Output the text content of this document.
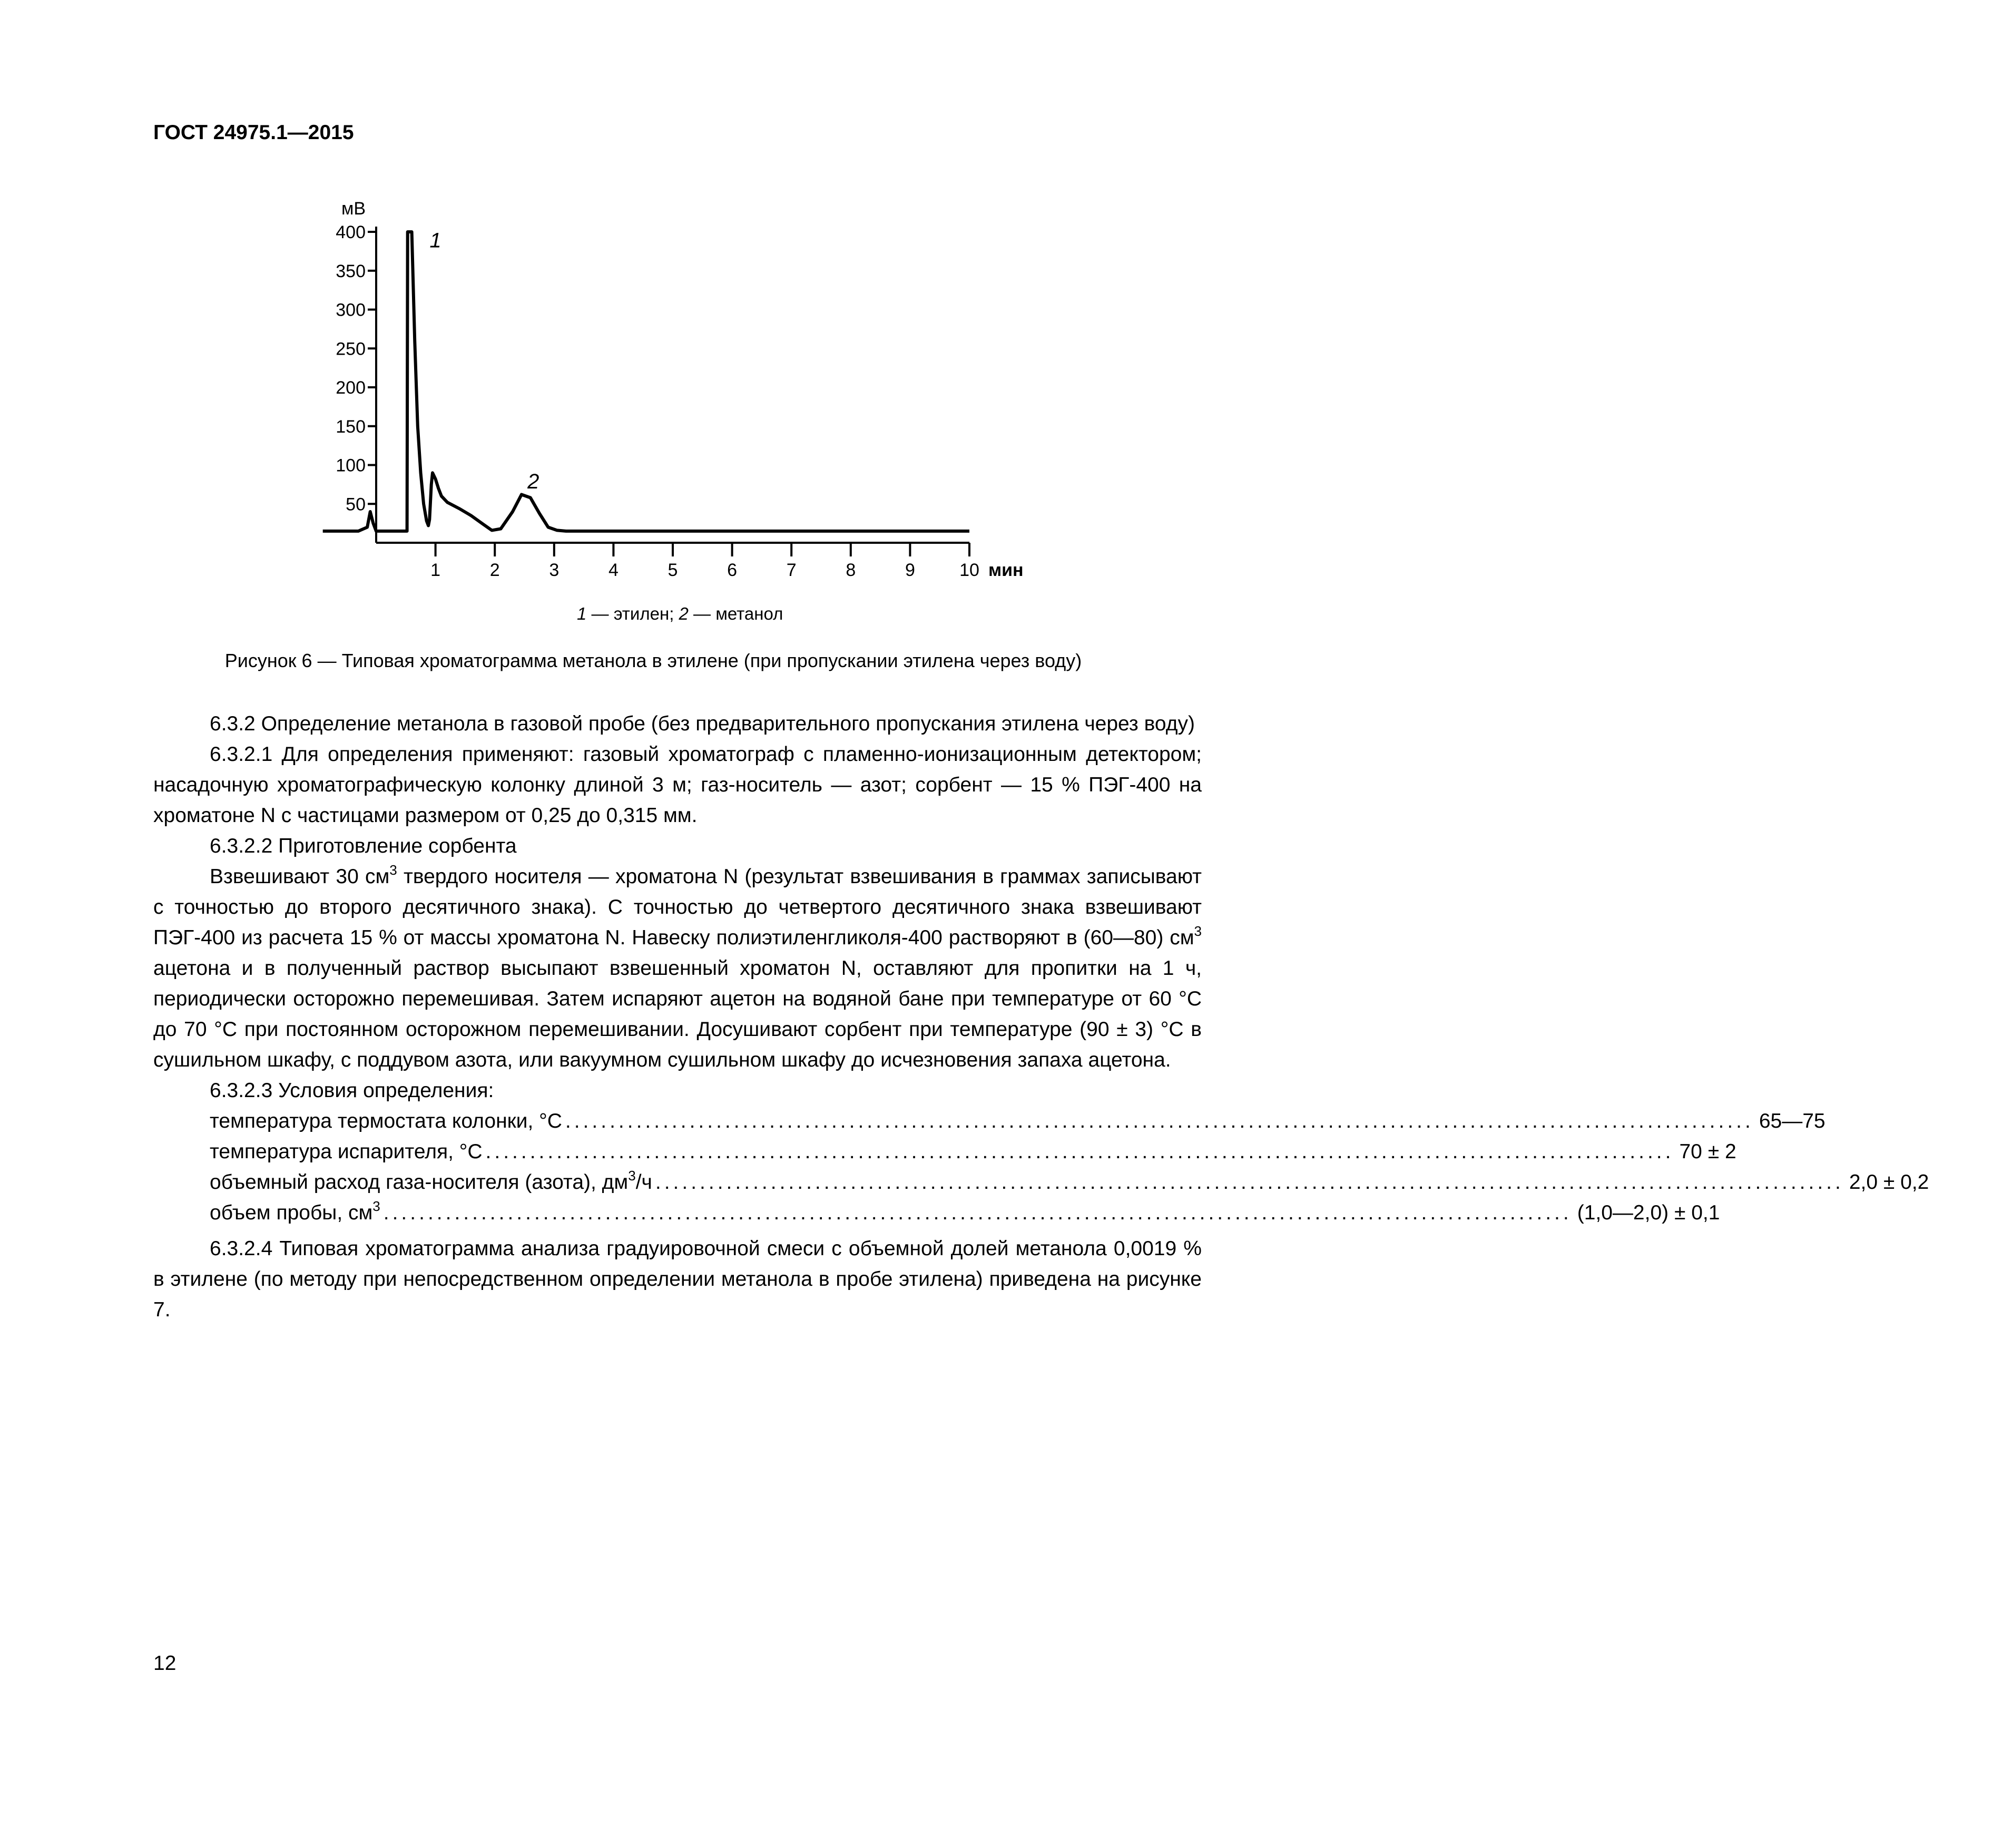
ГОСТ 24975.1—2015
1	2	3	4	5	6	7	8	9 10
50
100
150
200
250
300
350
400
мВ
мин
1
2
1 — этилен; 2 — метанол
Рисунок 6 — Типовая хроматограмма метанола в этилене (при пропускании этилена через воду)
6.3.2 Определение метанола в газовой пробе (без предварительного пропускания этилена через воду)
6.3.2.1 Для определения применяют: газовый хроматограф с пламенно-ионизационным детектором; насадочную хроматографическую колонку длиной 3 м; газ-носитель — азот; сорбент — 15 % ПЭГ-400 на хроматоне N с частицами размером от 0,25 до 0,315 мм.
6.3.2.2 Приготовление сорбента
Взвешивают 30 $см^3$ твердого носителя — хроматона N (результат взвешивания в граммах записывают с точностью до второго десятичного знака). С точностью до четвертого десятичного знака взвешивают ПЭГ-400 из расчета 15 % от массы хроматона N. Навеску полиэтиленгликоля-400 растворяют в (60—80) $см^3$ ацетона и в полученный раствор высыпают взвешенный хроматон N, оставляют для пропитки на 1 ч, периодически осторожно перемешивая. Затем испаряют ацетон на водяной бане при температуре от 60 °С до 70 °С при постоянном осторожном перемешивании. Досушивают сорбент при температуре (90 ± 3) °С в сушильном шкафу, с поддувом азота, или вакуумном сушильном шкафу до исчезновения запаха ацетона.
6.3.2.3 Условия определения:
температура термостата колонки, °С ...................................................................................................................................... 65—75
температура испарителя, °С ...................................................................................................................................... 70 ± 2
объемный расход газа-носителя (азота), $дм^3/ч$ ...................................................................................................................................... 2,0 ± 0,2
объем пробы, $см^3$ ...................................................................................................................................... (1,0—2,0) ± 0,1
6.3.2.4 Типовая хроматограмма анализа градуировочной смеси с объемной долей метанола 0,0019 % в этилене (по методу при непосредственном определении метанола в пробе этилена) приведена на рисунке 7.
12
